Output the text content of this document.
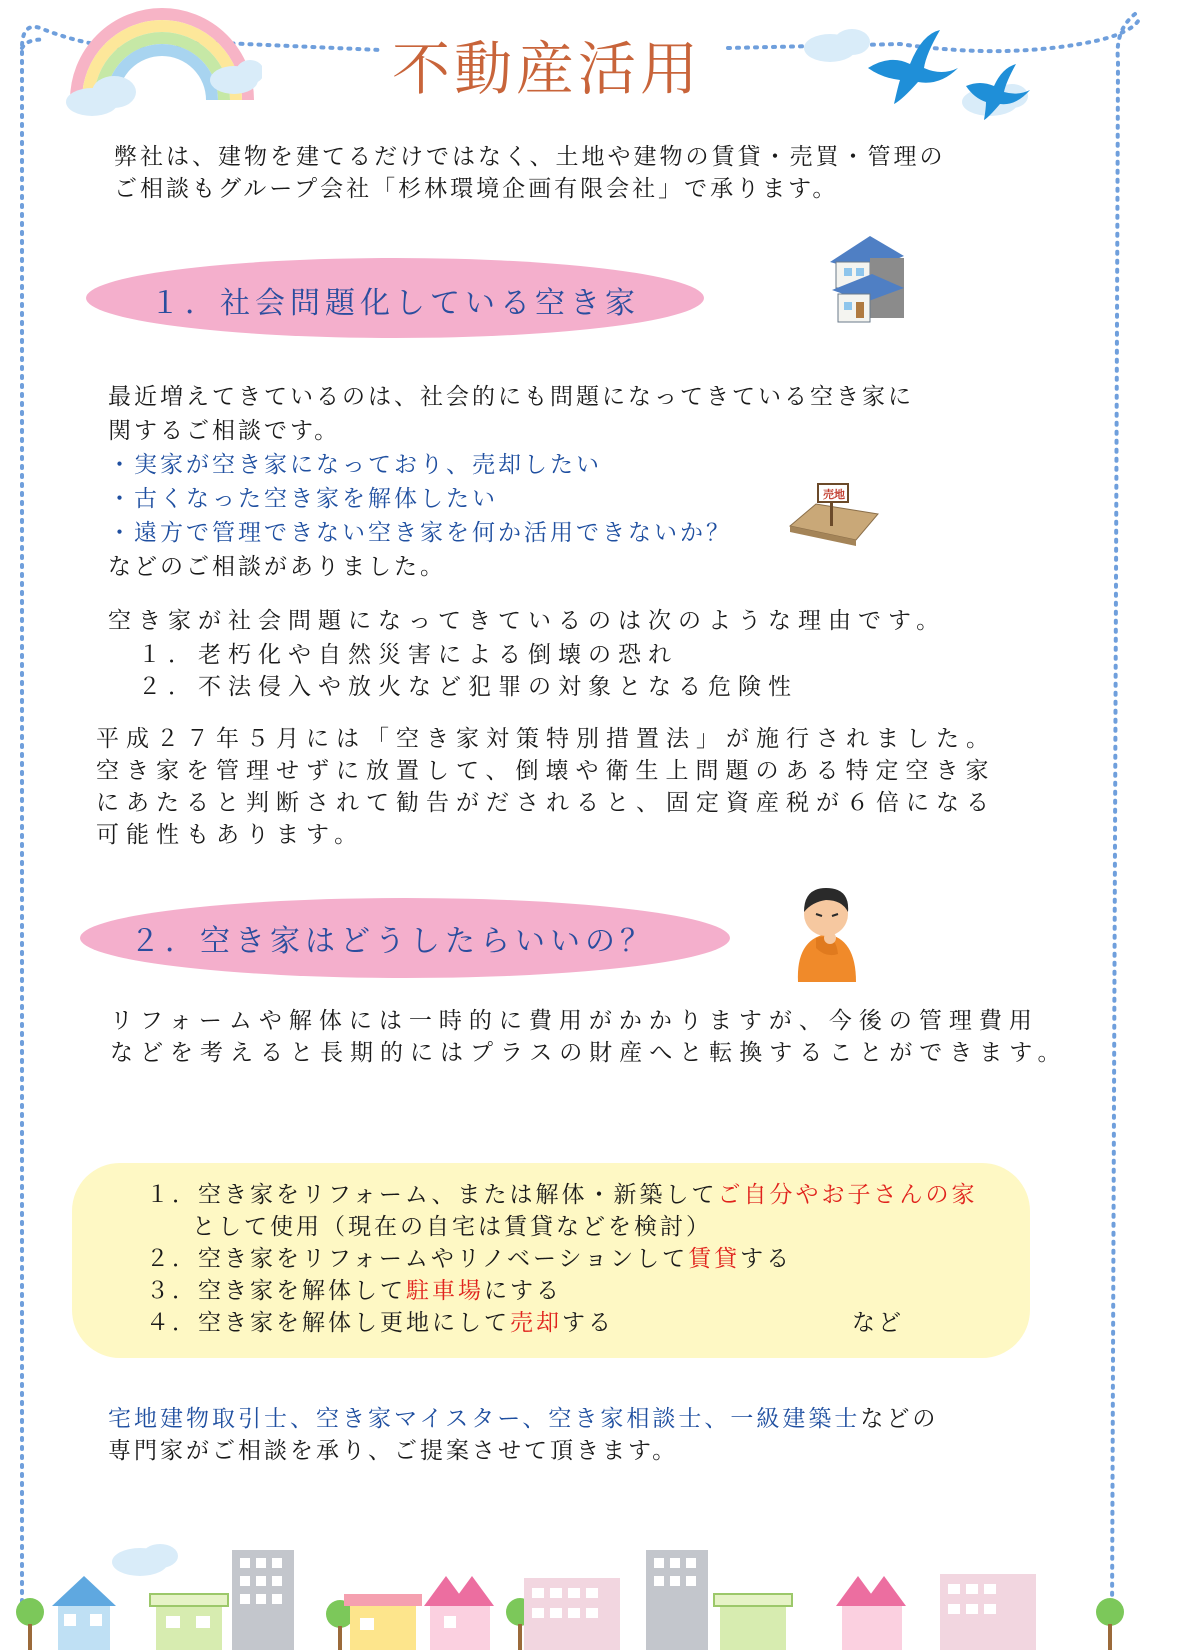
不動産活用
弊社は、建物を建てるだけではなく、土地や建物の賃貸・売買・管理の
ご相談もグループ会社「杉林環境企画有限会社」で承ります。
１．社会問題化している空き家
最近増えてきているのは、社会的にも問題になってきている空き家に
関するご相談です。
・実家が空き家になっており、売却したい
・古くなった空き家を解体したい
・遠方で管理できない空き家を何か活用できないか？
などのご相談がありました。
売地
空き家が社会問題になってきているのは次のような理由です。
１．老朽化や自然災害による倒壊の恐れ
２．不法侵入や放火など犯罪の対象となる危険性
平成２７年５月には「空き家対策特別措置法」が施行されました。
空き家を管理せずに放置して、倒壊や衛生上問題のある特定空き家
にあたると判断されて勧告がだされると、固定資産税が６倍になる
可能性もあります。
２．空き家はどうしたらいいの？
リフォームや解体には一時的に費用がかかりますが、今後の管理費用
などを考えると長期的にはプラスの財産へと転換することができます。
１．空き家をリフォーム、または解体・新築してご自分やお子さんの家
として使用（現在の自宅は賃貸などを検討）
２．空き家をリフォームやリノベーションして賃貸する
３．空き家を解体して駐車場にする
４．空き家を解体し更地にして売却する	など
宅地建物取引士、空き家マイスター、空き家相談士、一級建築士などの
専門家がご相談を承り、ご提案させて頂きます。
